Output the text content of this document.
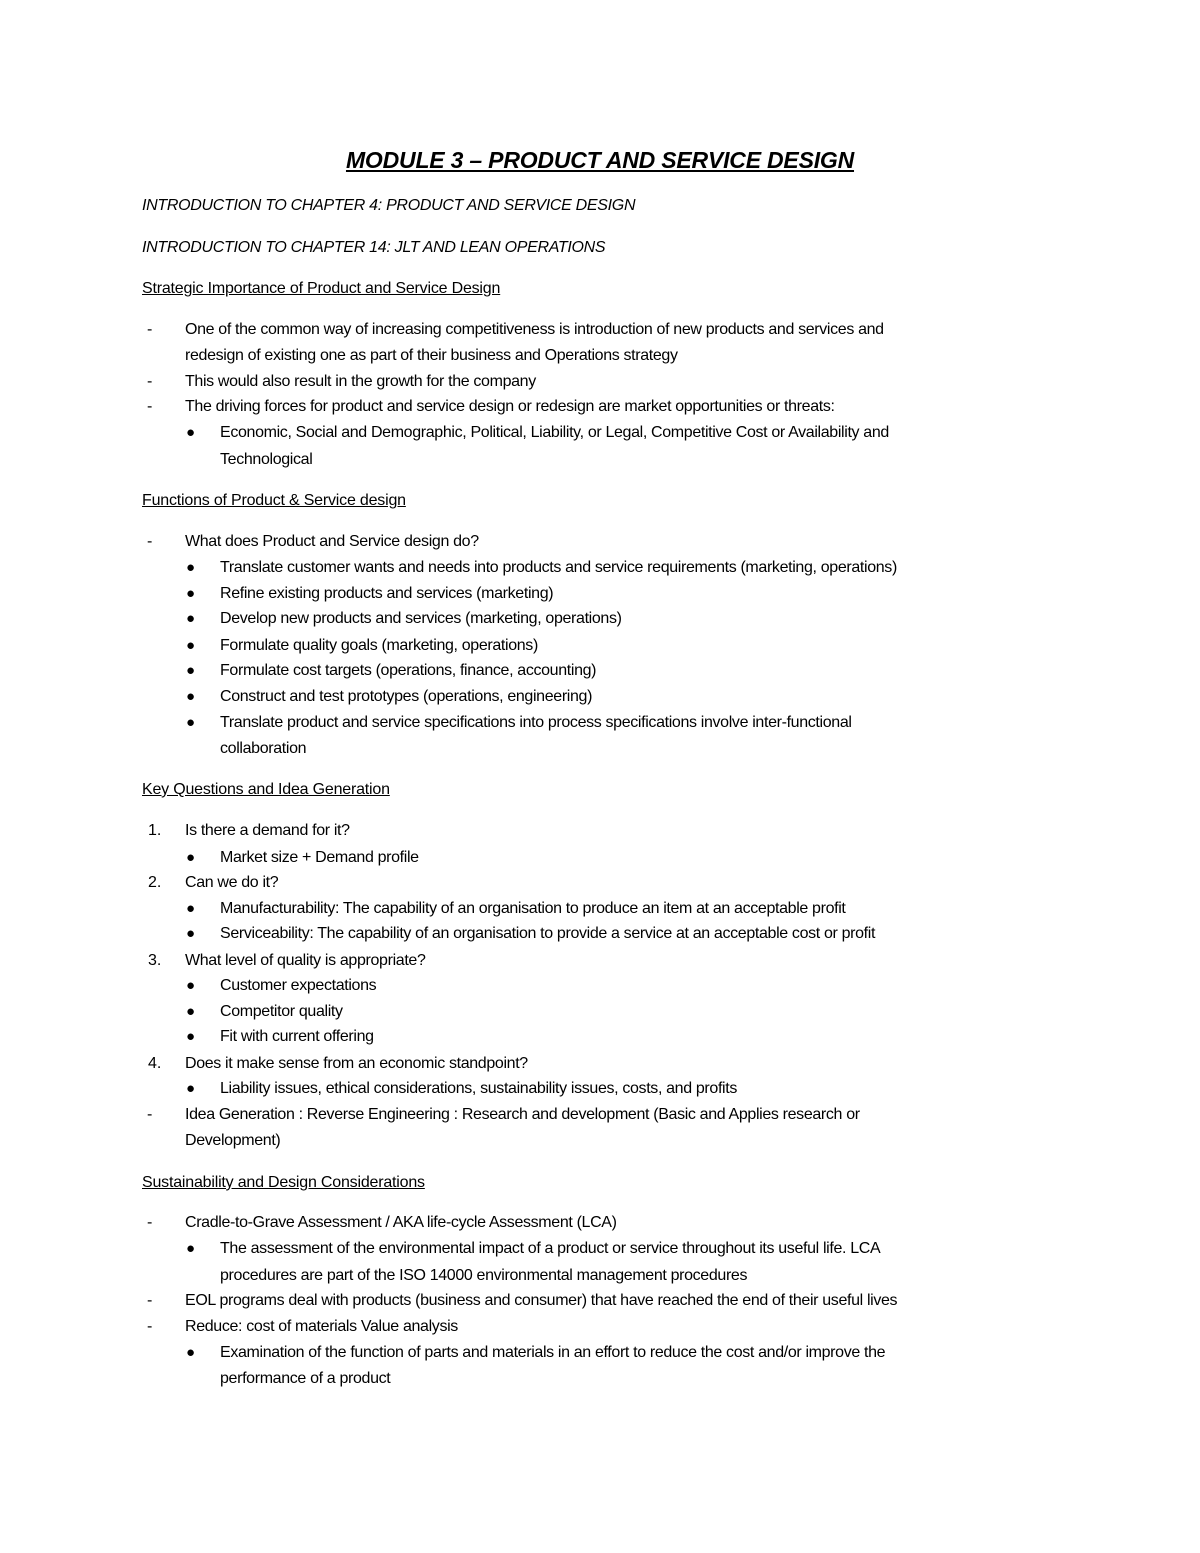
MODULE 3 – PRODUCT AND SERVICE DESIGN
INTRODUCTION TO CHAPTER 4: PRODUCT AND SERVICE DESIGN
INTRODUCTION TO CHAPTER 14: JLT AND LEAN OPERATIONS
Strategic Importance of Product and Service Design
- One of the common way of increasing competitiveness is introduction of new products and services and
redesign of existing one as part of their business and Operations strategy
- This would also result in the growth for the company
- The driving forces for product and service design or redesign are market opportunities or threats:
● Economic, Social and Demographic, Political, Liability, or Legal, Competitive Cost or Availability and
Technological
Functions of Product & Service design
- What does Product and Service design do?
● Translate customer wants and needs into products and service requirements (marketing, operations)
● Refine existing products and services (marketing)
● Develop new products and services (marketing, operations)
● Formulate quality goals (marketing, operations)
● Formulate cost targets (operations, finance, accounting)
● Construct and test prototypes (operations, engineering)
● Translate product and service specifications into process specifications involve inter-functional
collaboration
Key Questions and Idea Generation
1. Is there a demand for it?
● Market size + Demand profile
2. Can we do it?
● Manufacturability: The capability of an organisation to produce an item at an acceptable profit
● Serviceability: The capability of an organisation to provide a service at an acceptable cost or profit
3. What level of quality is appropriate?
● Customer expectations
● Competitor quality
● Fit with current offering
4. Does it make sense from an economic standpoint?
● Liability issues, ethical considerations, sustainability issues, costs, and profits
- Idea Generation : Reverse Engineering : Research and development (Basic and Applies research or
Development)
Sustainability and Design Considerations
- Cradle-to-Grave Assessment / AKA life-cycle Assessment (LCA)
● The assessment of the environmental impact of a product or service throughout its useful life. LCA
procedures are part of the ISO 14000 environmental management procedures
- EOL programs deal with products (business and consumer) that have reached the end of their useful lives
- Reduce: cost of materials Value analysis
● Examination of the function of parts and materials in an effort to reduce the cost and/or improve the
performance of a product
